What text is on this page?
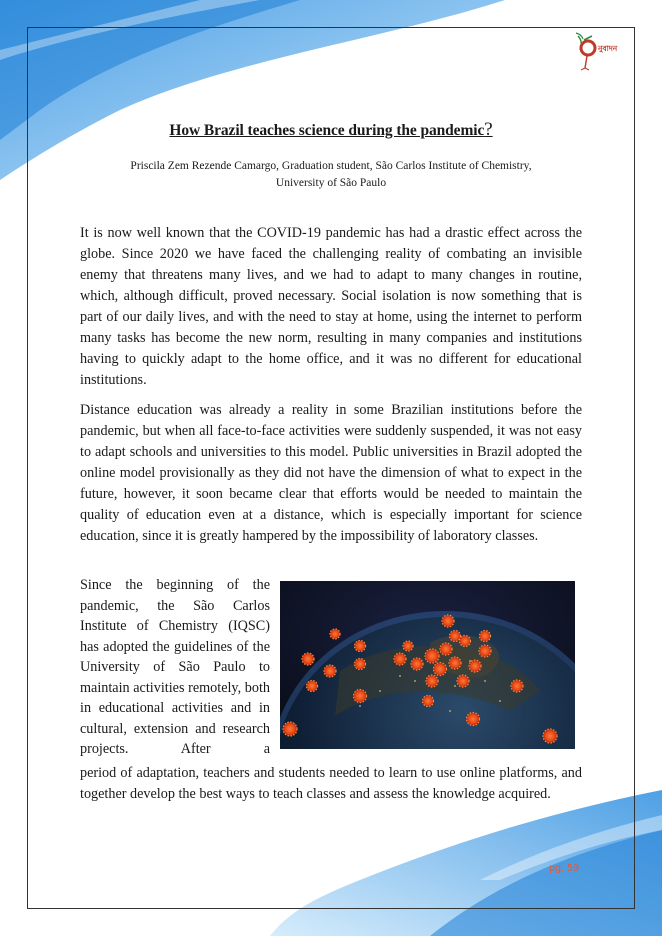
নুবাদন
How Brazil teaches science during the pandemic?
Priscila Zem Rezende Camargo, Graduation student, São Carlos Institute of Chemistry,
University of São Paulo

It is now well known that the COVID-19 pandemic has had a drastic effect across the globe. Since 2020 we have faced the challenging reality of combating an invisible enemy that threatens many lives, and we had to adapt to many changes in routine, which, although difficult, proved necessary. Social isolation is now something that is part of our daily lives, and with the need to stay at home, using the internet to perform many tasks has become the new norm, resulting in many companies and institutions having to quickly adapt to the home office, and it was no different for educational institutions.

Distance education was already a reality in some Brazilian institutions before the pandemic, but when all face-to-face activities were suddenly suspended, it was not easy to adapt schools and universities to this model. Public universities in Brazil adopted the online model provisionally as they did not have the dimension of what to expect in the future, however, it soon became clear that efforts would be needed to maintain the quality of education even at a distance, which is especially important for science education, since it is greatly hampered by the impossibility of laboratory classes.

Since the beginning of the pandemic, the São Carlos Institute of Chemistry (IQSC) has adopted the guidelines of the University of São Paulo to maintain activities remotely, both in educational activities and in cultural, extension and research projects. After a

period of adaptation, teachers and students needed to learn to use online platforms, and together develop the best ways to teach classes and assess the knowledge acquired.

pg. 59
